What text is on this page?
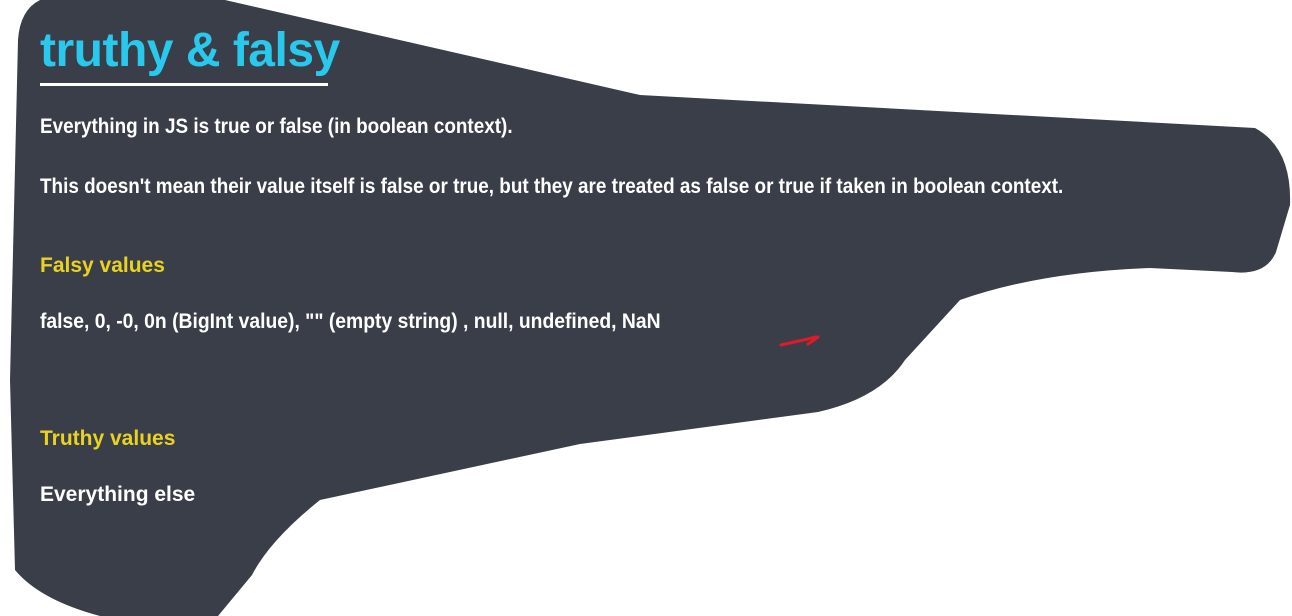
truthy & falsy

Everything in JS is true or false (in boolean context).

This doesn't mean their value itself is false or true, but they are treated as false or true if taken in boolean context.

Falsy values

false, 0, -0, 0n (BigInt value), "" (empty string) , null, undefined, NaN

Truthy values

Everything else
